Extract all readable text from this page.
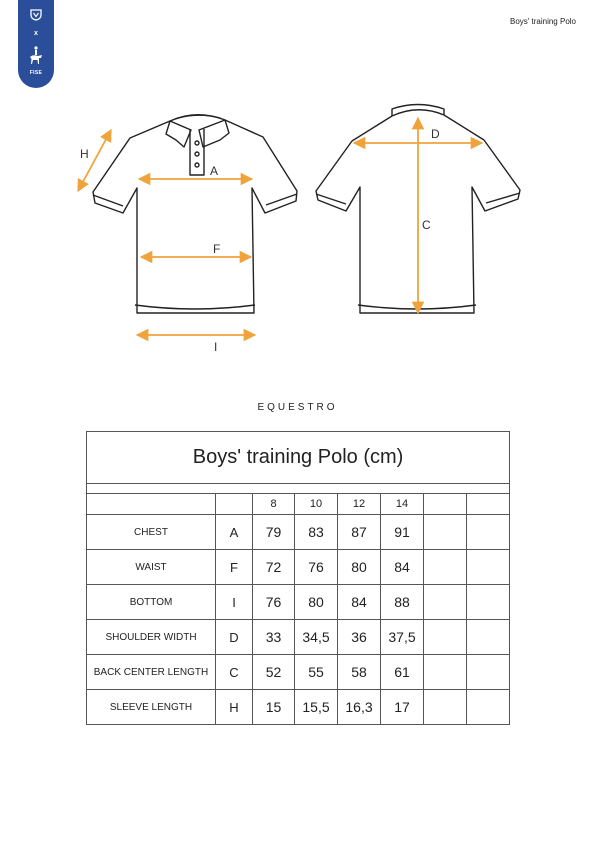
x
FISE
Boys' training Polo
H
A
F
I
D
C
EQUESTRO
Boys' training Polo (cm)							

		8	10	12	14		
CHEST	A	79	83	87	91		
WAIST	F	72	76	80	84		
BOTTOM	I	76	80	84	88		
SHOULDER WIDTH	D	33	34,5	36	37,5		
BACK CENTER LENGTH	C	52	55	58	61		
SLEEVE LENGTH	H	15	15,5	16,3	17		
